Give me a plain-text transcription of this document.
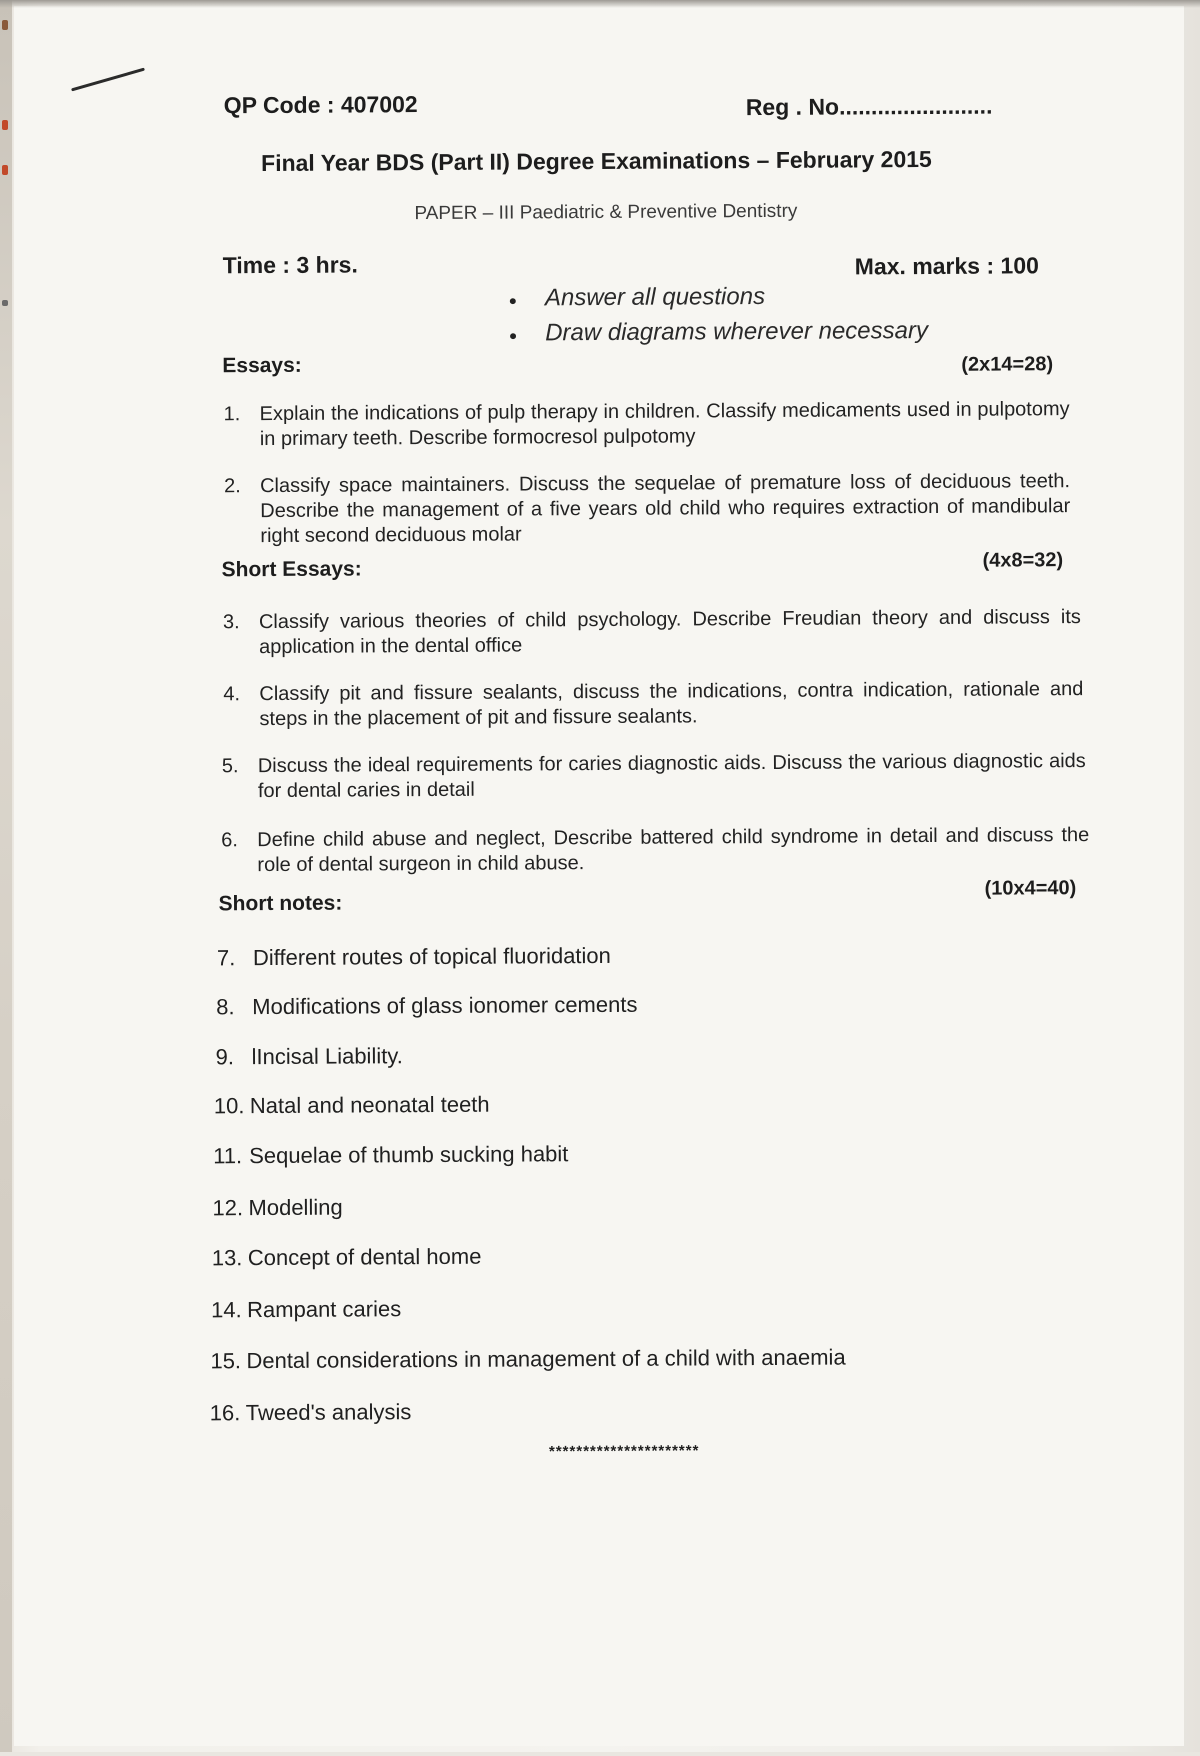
QP Code : 407002	Reg . No........................
Final Year BDS (Part II) Degree Examinations – February 2015
PAPER – III Paediatric & Preventive Dentistry
Time : 3 hrs.	Max. marks : 100
• Answer all questions
• Draw diagrams wherever necessary
Essays:	(2x14=28)
1. Explain the indications of pulp therapy in children. Classify medicaments used in pulpotomy in primary teeth. Describe formocresol pulpotomy
2. Classify space maintainers. Discuss the sequelae of premature loss of deciduous teeth. Describe the management of a five years old child who requires extraction of mandibular right second deciduous molar
Short Essays:	(4x8=32)
3. Classify various theories of child psychology. Describe Freudian theory and discuss its application in the dental office
4. Classify pit and fissure sealants, discuss the indications, contra indication, rationale and steps in the placement of pit and fissure sealants.
5. Discuss the ideal requirements for caries diagnostic aids. Discuss the various diagnostic aids for dental caries in detail
6. Define child abuse and neglect, Describe battered child syndrome in detail and discuss the role of dental surgeon in child abuse.
Short notes:
(10x4=40)
7. Different routes of topical fluoridation
8. Modifications of glass ionomer cements
9. lIncisal Liability.
10. Natal and neonatal teeth
11. Sequelae of thumb sucking habit
12. Modelling
13. Concept of dental home
14. Rampant caries
15. Dental considerations in management of a child with anaemia
16. Tweed's analysis
**********************
